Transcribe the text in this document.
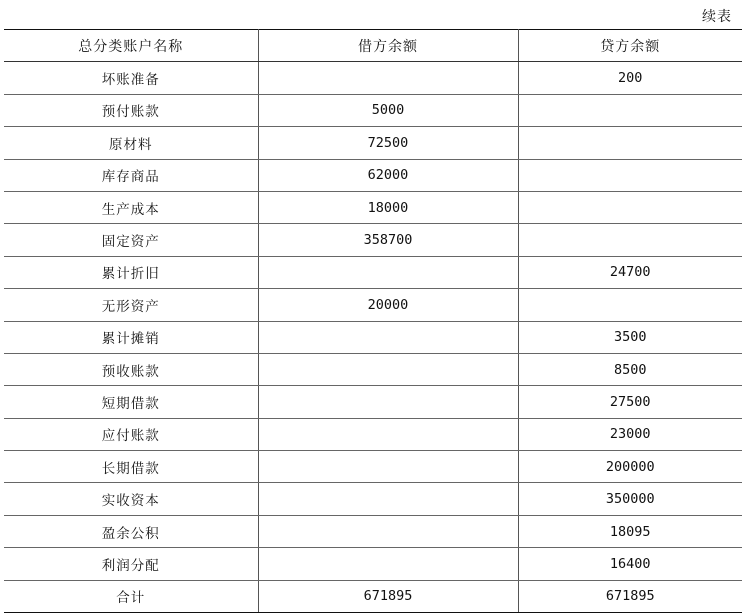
续表
总分类账户名称	借方余额	贷方余额
坏账准备		200
预付账款	5000	
原材料	72500	
库存商品	62000	
生产成本	18000	
固定资产	358700	
累计折旧		24700
无形资产	20000	
累计摊销		3500
预收账款		8500
短期借款		27500
应付账款		23000
长期借款		200000
实收资本		350000
盈余公积		18095
利润分配		16400
合计	671895	671895
